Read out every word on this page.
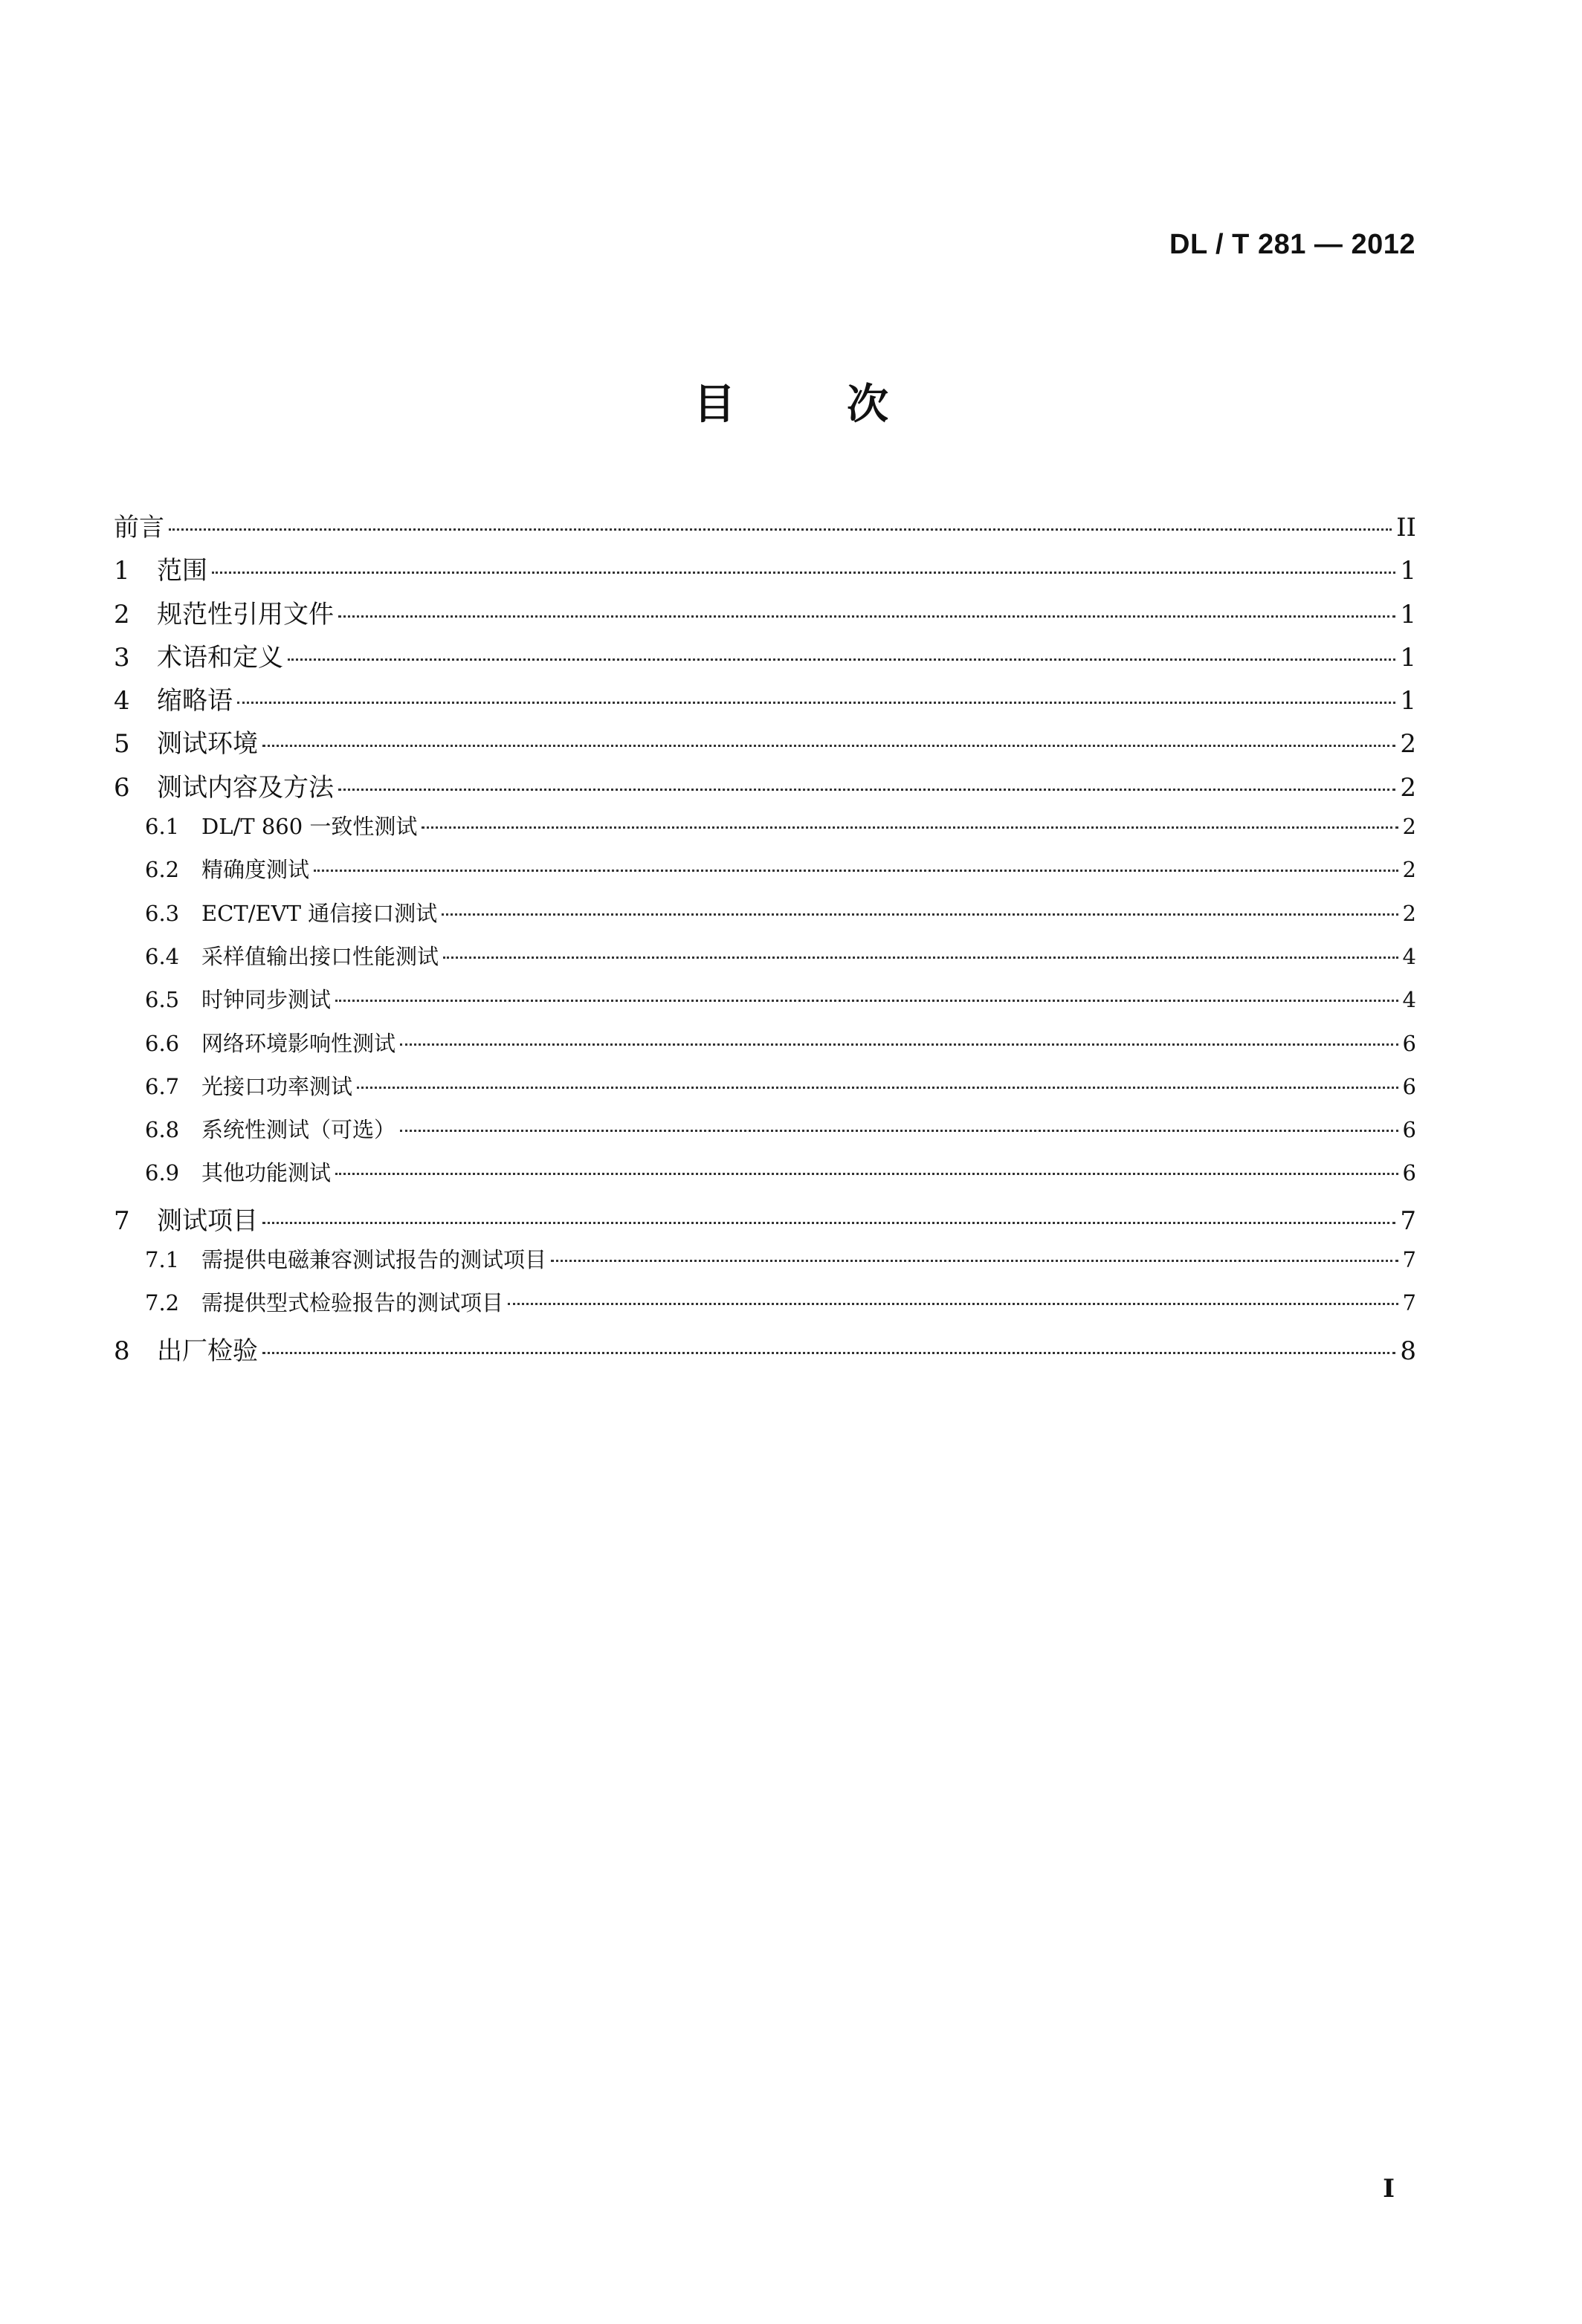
DL / T 281 — 2012
目次
前言	II
1	范围	1
2	规范性引用文件	1
3	术语和定义	1
4	缩略语	1
5	测试环境	2
6	测试内容及方法	2
6.1	DL/T 860 一致性测试	2
6.2	精确度测试	2
6.3	ECT/EVT 通信接口测试	2
6.4	采样值输出接口性能测试	4
6.5	时钟同步测试	4
6.6	网络环境影响性测试	6
6.7	光接口功率测试	6
6.8	系统性测试（可选）	6
6.9	其他功能测试	6
7	测试项目	7
7.1	需提供电磁兼容测试报告的测试项目	7
7.2	需提供型式检验报告的测试项目	7
8	出厂检验	8
I
